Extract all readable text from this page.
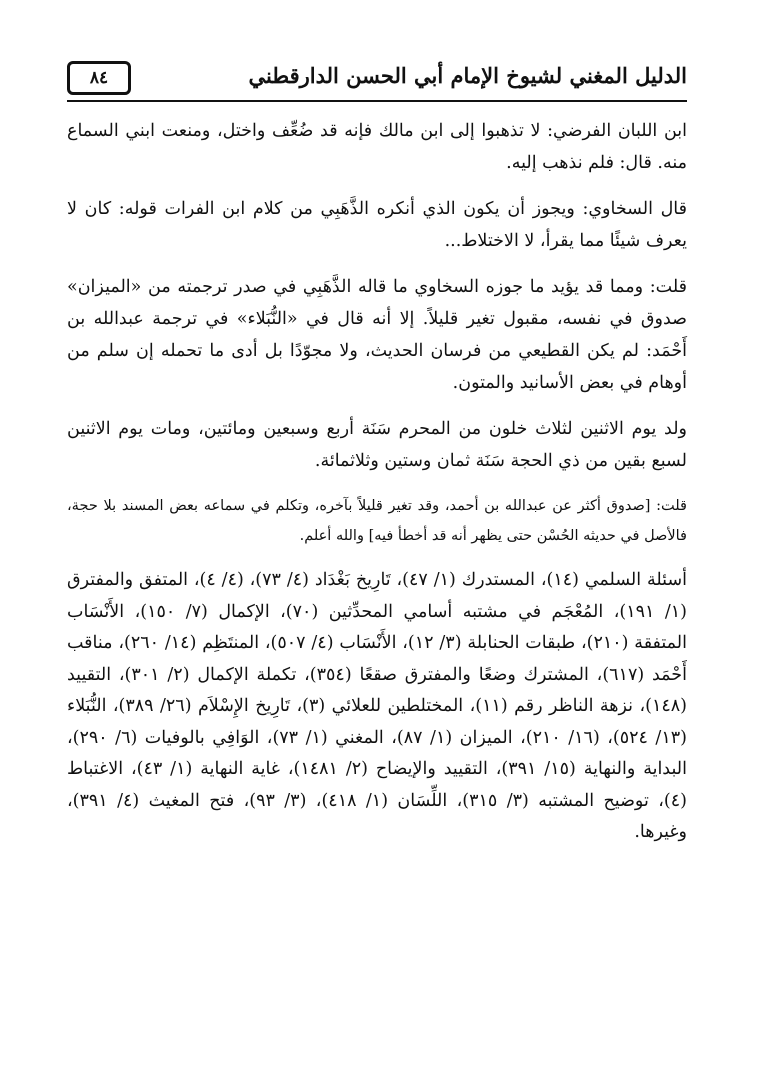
الدليل المغني لشيوخ الإمام أبي الحسن الدارقطني
٨٤

ابن اللبان الفرضي: لا تذهبوا إلى ابن مالك فإنه قد ضُعِّف واختل، ومنعت ابني السماع منه. قال: فلم نذهب إليه.

قال السخاوي: ويجوز أن يكون الذي أنكره الذَّهَبِي من كلام ابن الفرات قوله: كان لا يعرف شيئًا مما يقرأ، لا الاختلاط...

قلت: ومما قد يؤيد ما جوزه السخاوي ما قاله الذَّهَبِي في صدر ترجمته من «الميزان» صدوق في نفسه، مقبول تغير قليلاً. إلا أنه قال في «النُّبَلاء» في ترجمة عبدالله بن أَحْمَد: لم يكن القطيعي من فرسان الحديث، ولا مجوّدًا بل أدى ما تحمله إن سلم من أوهام في بعض الأسانيد والمتون.

ولد يوم الاثنين لثلاث خلون من المحرم سَنَة أربع وسبعين ومائتين، ومات يوم الاثنين لسبع بقين من ذي الحجة سَنَة ثمان وستين وثلاثمائة.

قلت: [صدوق أكثر عن عبدالله بن أحمد، وقد تغير قليلاً بآخره، وتكلم في سماعه بعض المسند بلا حجة، فالأصل في حديثه الحُسْن حتى يظهر أنه قد أخطأ فيه] والله أعلم.

أسئلة السلمي (١٤)، المستدرك (١/ ٤٧)، تَارِيخ بَغْدَاد (٤/ ٧٣)، (٤/ ٤)، المتفق والمفترق (١/ ١٩١)، المُعْجَم في مشتبه أسامي المحدِّثين (٧٠)، الإكمال (٧/ ١٥٠)، الأَنْسَاب المتفقة (٢١٠)، طبقات الحنابلة (٣/ ١٢)، الأَنْسَاب (٤/ ٥٠٧)، المنتَظِم (١٤/ ٢٦٠)، مناقب أَحْمَد (٦١٧)، المشترك وضعًا والمفترق صقعًا (٣٥٤)، تكملة الإكمال (٢/ ٣٠١)، التقييد (١٤٨)، نزهة الناظر رقم (١١)، المختلطين للعلائي (٣)، تَارِيخ الإِسْلاَم (٢٦/ ٣٨٩)، النُّبَلاء (١٣/ ٥٢٤)، (١٦/ ٢١٠)، الميزان (١/ ٨٧)، المغني (١/ ٧٣)، الوَافِي بالوفيات (٦/ ٢٩٠)، البداية والنهاية (١٥/ ٣٩١)، التقييد والإيضاح (٢/ ١٤٨١)، غاية النهاية (١/ ٤٣)، الاغتباط (٤)، توضيح المشتبه (٣/ ٣١٥)، اللِّسَان (١/ ٤١٨)، (٣/ ٩٣)، فتح المغيث (٤/ ٣٩١)، وغيرها.
